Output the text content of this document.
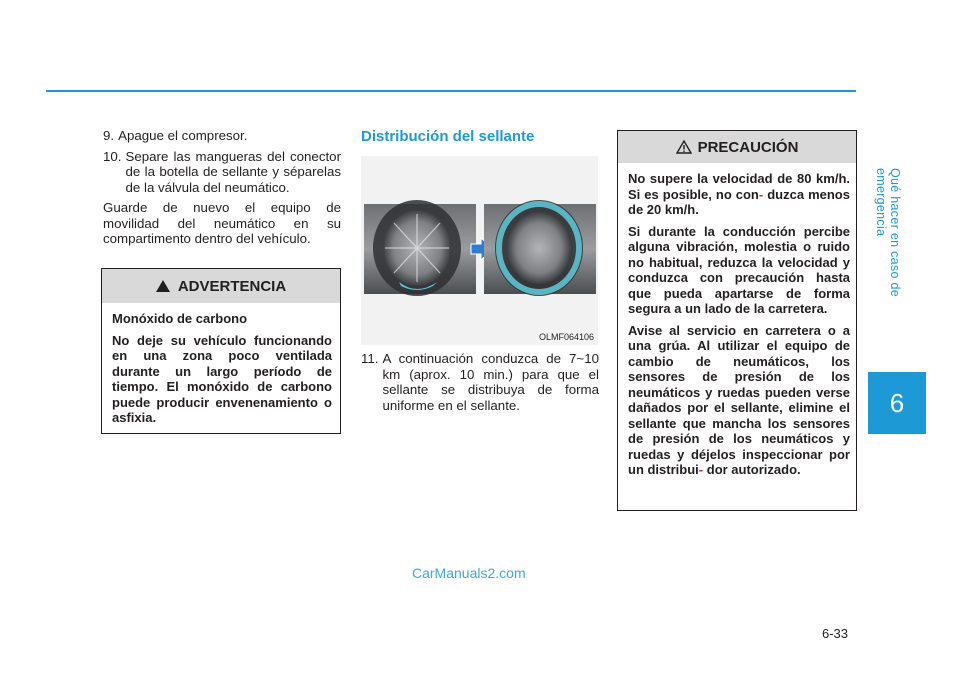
Qué hacer en caso de emergencia
6
6-33
9. Apague el compresor.
10. Separe las mangueras del conector de la botella de sellante y séparelas de la válvula del neumático.
Guarde de nuevo el equipo de movilidad del neumático en su compartimento dentro del vehículo.
ADVERTENCIA

Monóxido de carbono

No deje su vehículo funcionando en una zona poco ventilada durante un largo período de tiempo. El monóxido de carbono puede producir envenenamiento o asfixia.

Distribución del sellante
OLMF064106
11. A continuación conduzca de 7~10 km (aprox. 10 min.) para que el sellante se distribuya de forma uniforme en el sellante.
PRECAUCIÓN

No supere la velocidad de 80 km/h. Si es posible, no con- duzca menos de 20 km/h.

Si durante la conducción percibe alguna vibración, molestia o ruido no habitual, reduzca la velocidad y conduzca con precaución hasta que pueda apartarse de forma segura a un lado de la carretera.

Avise al servicio en carretera o a una grúa. Al utilizar el equipo de cambio de neumáticos, los sensores de presión de los neumáticos y ruedas pueden verse dañados por el sellante, elimine el sellante que mancha los sensores de presión de los neumáticos y ruedas y déjelos inspeccionar por un distribui- dor autorizado.

CarManuals2.com
